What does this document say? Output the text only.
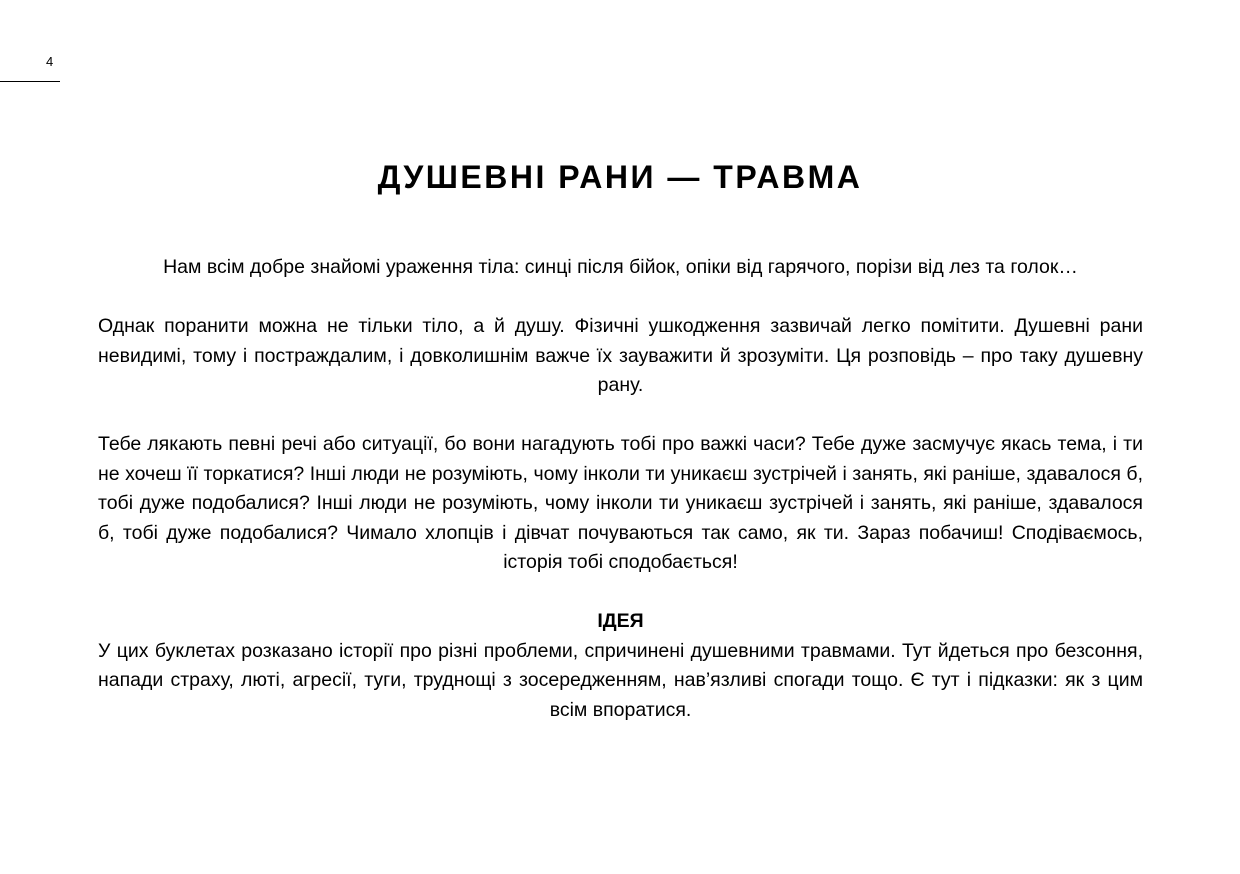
4
ДУШЕВНІ РАНИ — ТРАВМА

Нам всім добре знайомі ураження тіла: синці після бійок, опіки від гарячого, порізи від лез та голок…

Однак поранити можна не тільки тіло, а й душу. Фізичні ушкодження зазвичай легко помітити. Душевні рани невидимі, тому і постраждалим, і довколишнім важче їх зауважити й зрозуміти. Ця розповідь – про таку душевну рану.

Тебе лякають певні речі або ситуації, бо вони нагадують тобі про важкі часи? Тебе дуже засмучує якась тема, і ти не хочеш її торкатися? Інші люди не розуміють, чому інколи ти уникаєш зустрічей і занять, які раніше, здавалося б, тобі дуже подобалися? Інші люди не розуміють, чому інколи ти уникаєш зустрічей і занять, які раніше, здавалося б, тобі дуже подобалися? Чимало хлопців і дівчат почуваються так само, як ти. Зараз побачиш! Сподіваємось, історія тобі сподобається!

ІДЕЯ

У цих буклетах розказано історії про різні проблеми, спричинені душевними травмами. Тут йдеться про безсоння, напади страху, люті, агресії, туги, труднощі з зосередженням, нав’язливі спогади тощо. Є тут і підказки: як з цим всім впоратися.
